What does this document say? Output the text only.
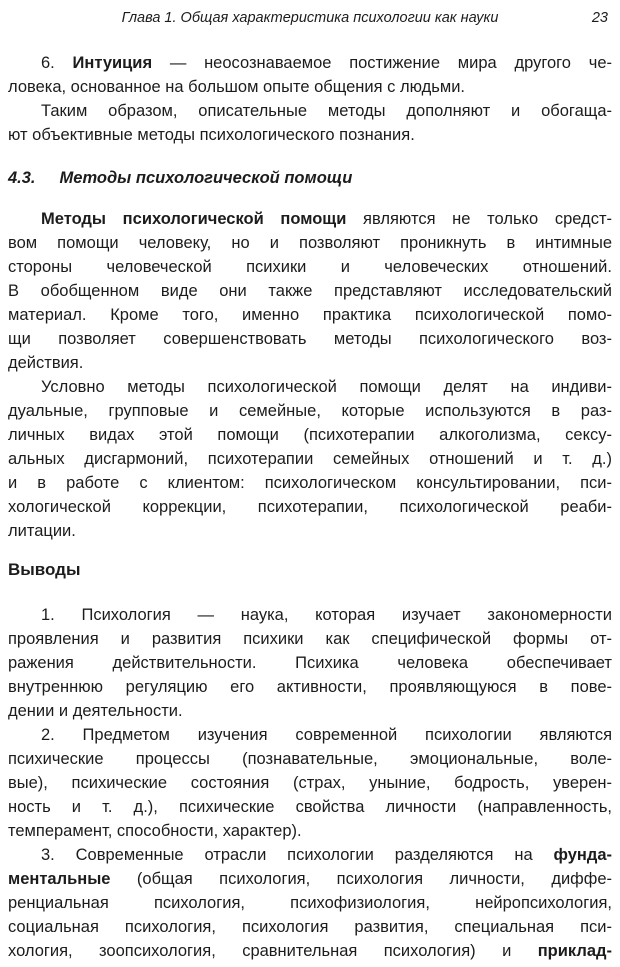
Глава 1. Общая характеристика психологии как науки	23

6. Интуиция — неосознаваемое постижение мира другого че-
ловека, основанное на большом опыте общения с людьми.

Таким образом, описательные методы дополняют и обогаща-
ют объективные методы психологического познания.

4.3. Методы психологической помощи

Методы психологической помощи являются не только средст-
вом помощи человеку, но и позволяют проникнуть в интимные
стороны человеческой психики и человеческих отношений.
В обобщенном виде они также представляют исследовательский
материал. Кроме того, именно практика психологической помо-
щи позволяет совершенствовать методы психологического воз-
действия.

Условно методы психологической помощи делят на индиви-
дуальные, групповые и семейные, которые используются в раз-
личных видах этой помощи (психотерапии алкоголизма, сексу-
альных дисгармоний, психотерапии семейных отношений и т. д.)
и в работе с клиентом: психологическом консультировании, пси-
хологической коррекции, психотерапии, психологической реаби-
литации.

Выводы

1. Психология — наука, которая изучает закономерности
проявления и развития психики как специфической формы от-
ражения действительности. Психика человека обеспечивает
внутреннюю регуляцию его активности, проявляющуюся в пове-
дении и деятельности.

2. Предметом изучения современной психологии являются
психические процессы (познавательные, эмоциональные, воле-
вые), психические состояния (страх, уныние, бодрость, уверен-
ность и т. д.), психические свойства личности (направленность,
темперамент, способности, характер).

3. Современные отрасли психологии разделяются на фунда-
ментальные (общая психология, психология личности, диффе-
ренциальная психология, психофизиология, нейропсихология,
социальная психология, психология развития, специальная пси-
хология, зоопсихология, сравнительная психология) и приклад-
